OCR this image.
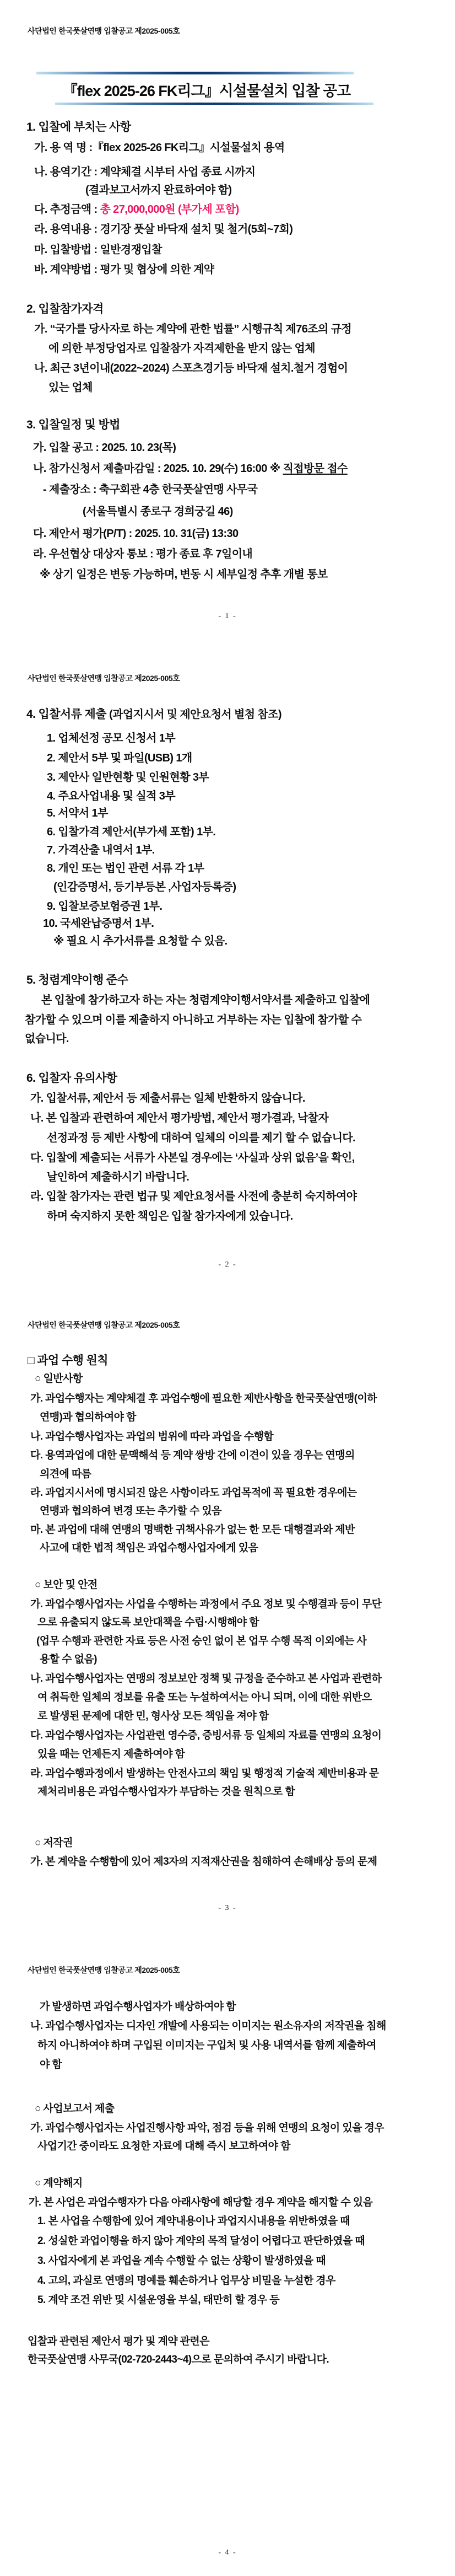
사단법인 한국풋살연맹 입찰공고 제2025-005호
『flex 2025-26 FK리그』시설물설치 입찰 공고
1. 입찰에 부치는 사항
가. 용 역 명 :『flex 2025-26 FK리그』시설물설치 용역
나. 용역기간 : 계약체결 시부터 사업 종료 시까지
(결과보고서까지 완료하여야 함)
다. 추정금액 : 총 27,000,000원 (부가세 포함)
라. 용역내용 : 경기장 풋살 바닥재 설치 및 철거(5회~7회)
마. 입찰방법 : 일반경쟁입찰
바. 계약방법 : 평가 및 협상에 의한 계약
2. 입찰참가자격
가. “국가를 당사자로 하는 계약에 관한 법률” 시행규칙 제76조의 규정
에 의한 부정당업자로 입찰참가 자격제한을 받지 않는 업체
나. 최근 3년이내(2022~2024) 스포츠경기등 바닥재 설치.철거 경험이
있는 업체
3. 입찰일정 및 방법
가. 입찰 공고 : 2025. 10. 23(목)
나. 참가신청서 제출마감일 : 2025. 10. 29(수) 16:00 ※ 직접방문 접수
- 제출장소 : 축구회관 4층 한국풋살연맹 사무국
(서울특별시 종로구 경희궁길 46)
다. 제안서 평가(P/T) : 2025. 10. 31(금) 13:30
라. 우선협상 대상자 통보 : 평가 종료 후 7일이내
※ 상기 일정은 변동 가능하며, 변동 시 세부일정 추후 개별 통보
- 1 -
사단법인 한국풋살연맹 입찰공고 제2025-005호
4. 입찰서류 제출 (과업지시서 및 제안요청서 별첨 참조)
1. 업체선정 공모 신청서 1부
2. 제안서 5부 및 파일(USB) 1개
3. 제안사 일반현황 및 인원현황 3부
4. 주요사업내용 및 실적 3부
5. 서약서 1부
6. 입찰가격 제안서(부가세 포함) 1부.
7. 가격산출 내역서 1부.
8. 개인 또는 법인 관련 서류 각 1부
(인감증명서, 등기부등본 ,사업자등록증)
9. 입찰보증보험증권 1부.
10. 국세완납증명서 1부.
※ 필요 시 추가서류를 요청할 수 있음.
5. 청렴계약이행 준수
본 입찰에 참가하고자 하는 자는 청렴계약이행서약서를 제출하고 입찰에
참가할 수 있으며 이를 제출하지 아니하고 거부하는 자는 입찰에 참가할 수
없습니다.
6. 입찰자 유의사항
가. 입찰서류, 제안서 등 제출서류는 일체 반환하지 않습니다.
나. 본 입찰과 관련하여 제안서 평가방법, 제안서 평가결과, 낙찰자
선정과정 등 제반 사항에 대하여 일체의 이의를 제기 할 수 없습니다.
다. 입찰에 제출되는 서류가 사본일 경우에는 ‘사실과 상위 없음’을 확인,
날인하여 제출하시기 바랍니다.
라. 입찰 참가자는 관련 법규 및 제안요청서를 사전에 충분히 숙지하여야
하며 숙지하지 못한 책임은 입찰 참가자에게 있습니다.
- 2 -
사단법인 한국풋살연맹 입찰공고 제2025-005호
□ 과업 수행 원칙
○ 일반사항
가. 과업수행자는 계약체결 후 과업수행에 필요한 제반사항을 한국풋살연맹(이하
연맹)과 협의하여야 함
나. 과업수행사업자는 과업의 범위에 따라 과업을 수행함
다. 용역과업에 대한 문맥해석 등 계약 쌍방 간에 이견이 있을 경우는 연맹의
의견에 따름
라. 과업지시서에 명시되진 않은 사항이라도 과업목적에 꼭 필요한 경우에는
연맹과 협의하여 변경 또는 추가할 수 있음
마. 본 과업에 대해 연맹의 명백한 귀책사유가 없는 한 모든 대행결과와 제반
사고에 대한 법적 책임은 과업수행사업자에게 있음
○ 보안 및 안전
가. 과업수행사업자는 사업을 수행하는 과정에서 주요 정보 및 수행결과 등이 무단
으로 유출되지 않도록 보안대책을 수립·시행해야 함
(업무 수행과 관련한 자료 등은 사전 승인 없이 본 업무 수행 목적 이외에는 사
용할 수 없음)
나. 과업수행사업자는 연맹의 정보보안 정책 및 규정을 준수하고 본 사업과 관련하
여 취득한 일체의 정보를 유출 또는 누설하여서는 아니 되며, 이에 대한 위반으
로 발생된 문제에 대한 민, 형사상 모든 책임을 져야 함
다. 과업수행사업자는 사업관련 영수증, 증빙서류 등 일체의 자료를 연맹의 요청이
있을 때는 언제든지 제출하여야 함
라. 과업수행과정에서 발생하는 안전사고의 책임 및 행정적 기술적 제반비용과 문
제처리비용은 과업수행사업자가 부담하는 것을 원칙으로 함
○ 저작권
가. 본 계약을 수행함에 있어 제3자의 지적재산권을 침해하여 손해배상 등의 문제
- 3 -
사단법인 한국풋살연맹 입찰공고 제2025-005호
가 발생하면 과업수행사업자가 배상하여야 함
나. 과업수행사업자는 디자인 개발에 사용되는 이미지는 원소유자의 저작권을 침해
하지 아니하여야 하며 구입된 이미지는 구입처 및 사용 내역서를 함께 제출하여
야 함
○ 사업보고서 제출
가. 과업수행사업자는 사업진행사항 파악, 점검 등을 위해 연맹의 요청이 있을 경우
사업기간 중이라도 요청한 자료에 대해 즉시 보고하여야 함
○ 계약해지
가. 본 사업은 과업수행자가 다음 아래사항에 해당할 경우 계약을 해지할 수 있음
1. 본 사업을 수행함에 있어 계약내용이나 과업지시내용을 위반하였을 때
2. 성실한 과업이행을 하지 않아 계약의 목적 달성이 어렵다고 판단하였을 때
3. 사업자에게 본 과업을 계속 수행할 수 없는 상황이 발생하였을 때
4. 고의, 과실로 연맹의 명예를 훼손하거나 업무상 비밀을 누설한 경우
5. 계약 조건 위반 및 시설운영을 부실, 태만히 할 경우 등
입찰과 관련된 제안서 평가 및 계약 관련은
한국풋살연맹 사무국(02-720-2443~4)으로 문의하여 주시기 바랍니다.
- 4 -
